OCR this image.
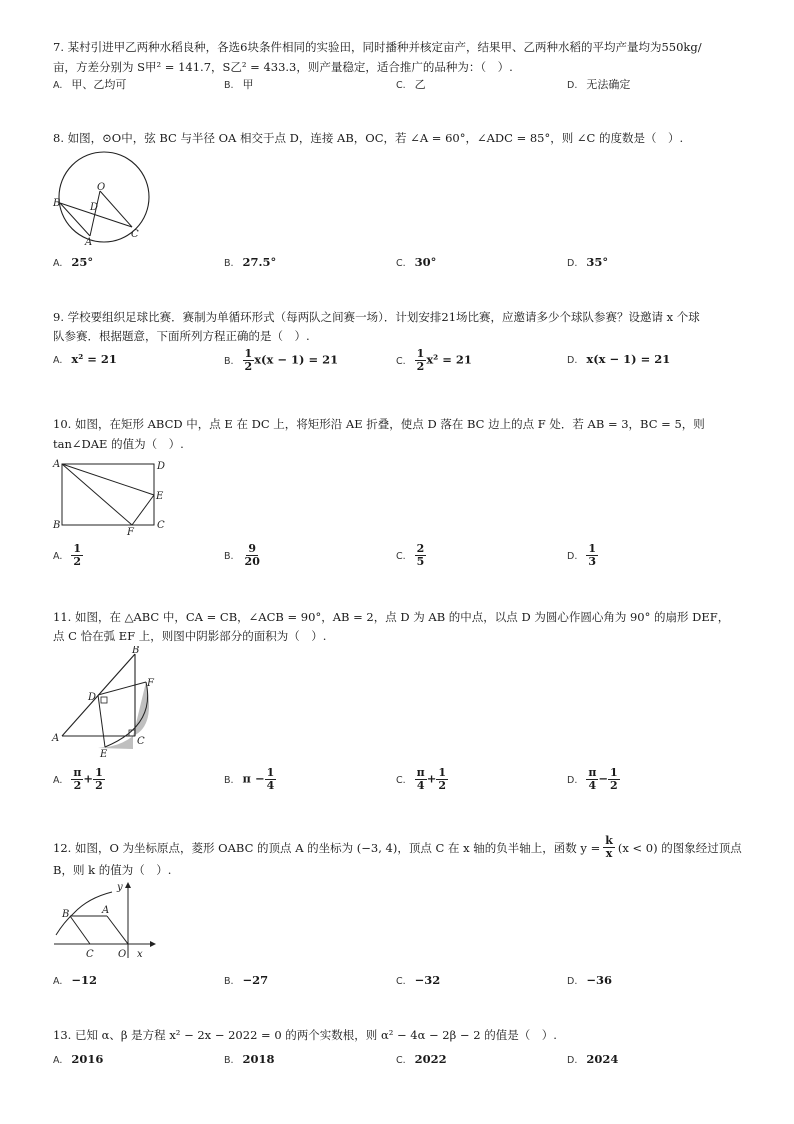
7. 某村引进甲乙两种水稻良种，各选6块条件相同的实验田，同时播种并核定亩产，结果甲、乙两种水稻的平均产量均为550kg/
亩，方差分别为 S甲² = 141.7，S乙² = 433.3，则产量稳定，适合推广的品种为：（　）.
A. 甲、乙均可	B. 甲	C. 乙	D. 无法确定
8. 如图，⊙O中，弦 BC 与半径 OA 相交于点 D，连接 AB，OC，若 ∠A = 60°，∠ADC = 85°，则 ∠C 的度数是（　）.
O
B	D
A
C
A. 25°	B. 27.5°	C. 30°	D. 35°
9. 学校要组织足球比赛．赛制为单循环形式（每两队之间赛一场）．计划安排21场比赛，应邀请多少个球队参赛？设邀请 x 个球
队参赛．根据题意，下面所列方程正确的是（　）.
A. x² = 21	B. $\frac{1}{2} x(x - 1) = 21$	C. $\frac{1}{2} x^2 = 21$	D. x(x − 1) = 21
10. 如图，在矩形 ABCD 中，点 E 在 DC 上，将矩形沿 AE 折叠，使点 D 落在 BC 边上的点 F 处．若 AB = 3，BC = 5，则
tan∠DAE 的值为（　）.
A	D
E
B
F
C
A. $\frac{1}{2}$	B. $\frac{9}{20}$	C. $\frac{2}{5}$	D. $\frac{1}{3}$
11. 如图，在 △ABC 中，CA = CB，∠ACB = 90°，AB = 2，点 D 为 AB 的中点，以点 D 为圆心作圆心角为 90° 的扇形 DEF，
点 C 恰在弧 EF 上，则图中阴影部分的面积为（　）.
B
D
F
A	C
E
A. $\frac{\pi}{2} + \frac{1}{2}$	B. $\pi - \frac{1}{4}$	C. $\frac{\pi}{4} + \frac{1}{2}$	D. $\frac{\pi}{4} - \frac{1}{2}$
12. 如图，O 为坐标原点，菱形 OABC 的顶点 A 的坐标为 (−3, 4)，顶点 C 在 x 轴的负半轴上，函数 $y = \frac{k}{x} (x < 0)$ 的图象经过顶点
B，则 k 的值为（　）.
y
B	A
C O x
A. −12	B. −27	C. −32	D. −36
13. 已知 α、β 是方程 x² − 2x − 2022 = 0 的两个实数根，则 α² − 4α − 2β − 2 的值是（　）.
A. 2016	B. 2018	C. 2022	D. 2024
